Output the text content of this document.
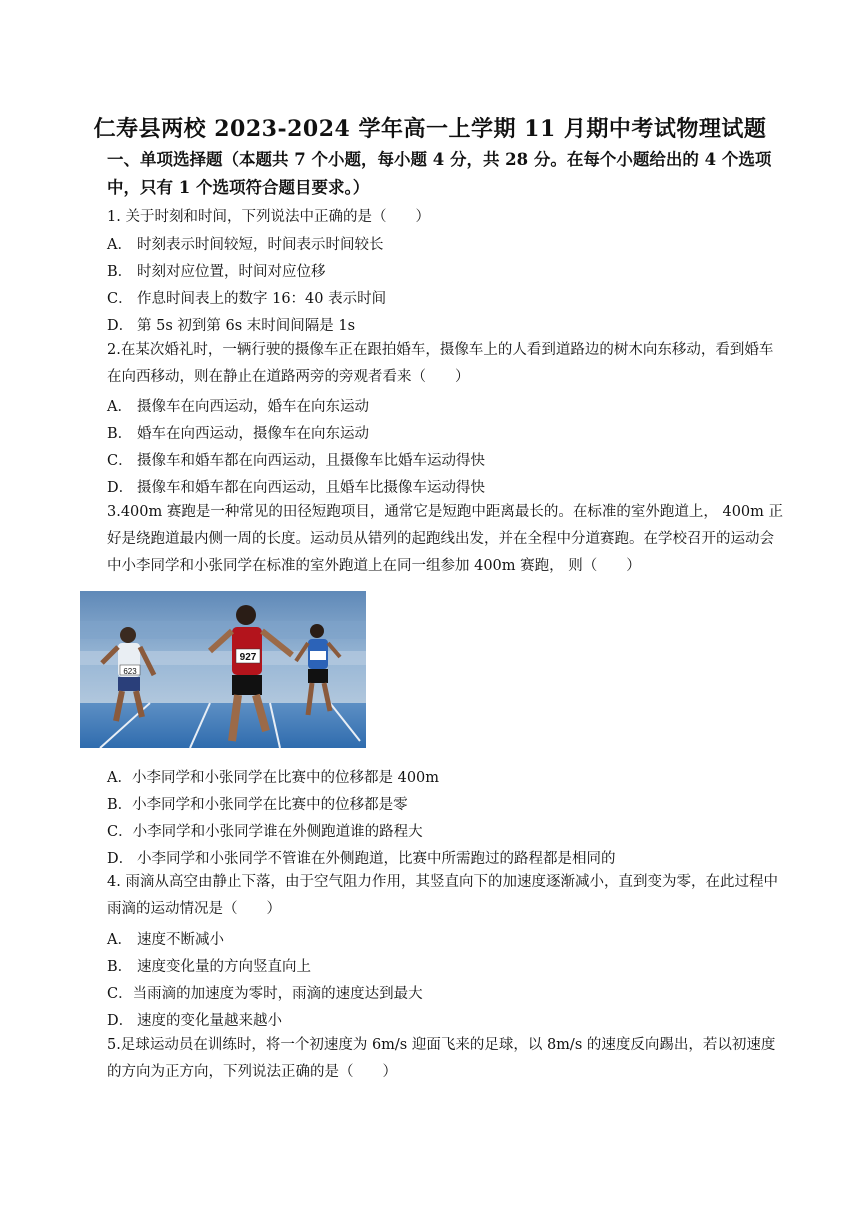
仁寿县两校 2023-2024 学年高一上学期 11 月期中考试物理试题
一、单项选择题（本题共 7 个小题，每小题 4 分，共 28 分。在每个小题给出的 4 个选项中，只有 1 个选项符合题目要求。）
1. 关于时刻和时间，下列说法中正确的是（　　）
A． 时刻表示时间较短，时间表示时间较长
B． 时刻对应位置，时间对应位移
C． 作息时间表上的数字 16：40 表示时间
D． 第 5s 初到第 6s 末时间间隔是 1s
2.在某次婚礼时，一辆行驶的摄像车正在跟拍婚车，摄像车上的人看到道路边的树木向东移动，看到婚车在向西移动，则在静止在道路两旁的旁观者看来（　　）
A． 摄像车在向西运动，婚车在向东运动
B． 婚车在向西运动，摄像车在向东运动
C． 摄像车和婚车都在向西运动，且摄像车比婚车运动得快
D． 摄像车和婚车都在向西运动，且婚车比摄像车运动得快
3.400m 赛跑是一种常见的田径短跑项目，通常它是短跑中距离最长的。在标准的室外跑道上， 400m 正好是绕跑道最内侧一周的长度。运动员从错列的起跑线出发，并在全程中分道赛跑。在学校召开的运动会中小李同学和小张同学在标准的室外跑道上在同一组参加 400m 赛跑， 则（　　）
623
927
A．小李同学和小张同学在比赛中的位移都是 400m
B．小李同学和小张同学在比赛中的位移都是零
C．小李同学和小张同学谁在外侧跑道谁的路程大
D． 小李同学和小张同学不管谁在外侧跑道，比赛中所需跑过的路程都是相同的
4. 雨滴从高空由静止下落，由于空气阻力作用，其竖直向下的加速度逐渐减小，直到变为零，在此过程中雨滴的运动情况是（　　）
A． 速度不断减小
B． 速度变化量的方向竖直向上
C．当雨滴的加速度为零时，雨滴的速度达到最大
D． 速度的变化量越来越小
5.足球运动员在训练时，将一个初速度为 6m/s 迎面飞来的足球，以 8m/s 的速度反向踢出，若以初速度的方向为正方向，下列说法正确的是（　　）
